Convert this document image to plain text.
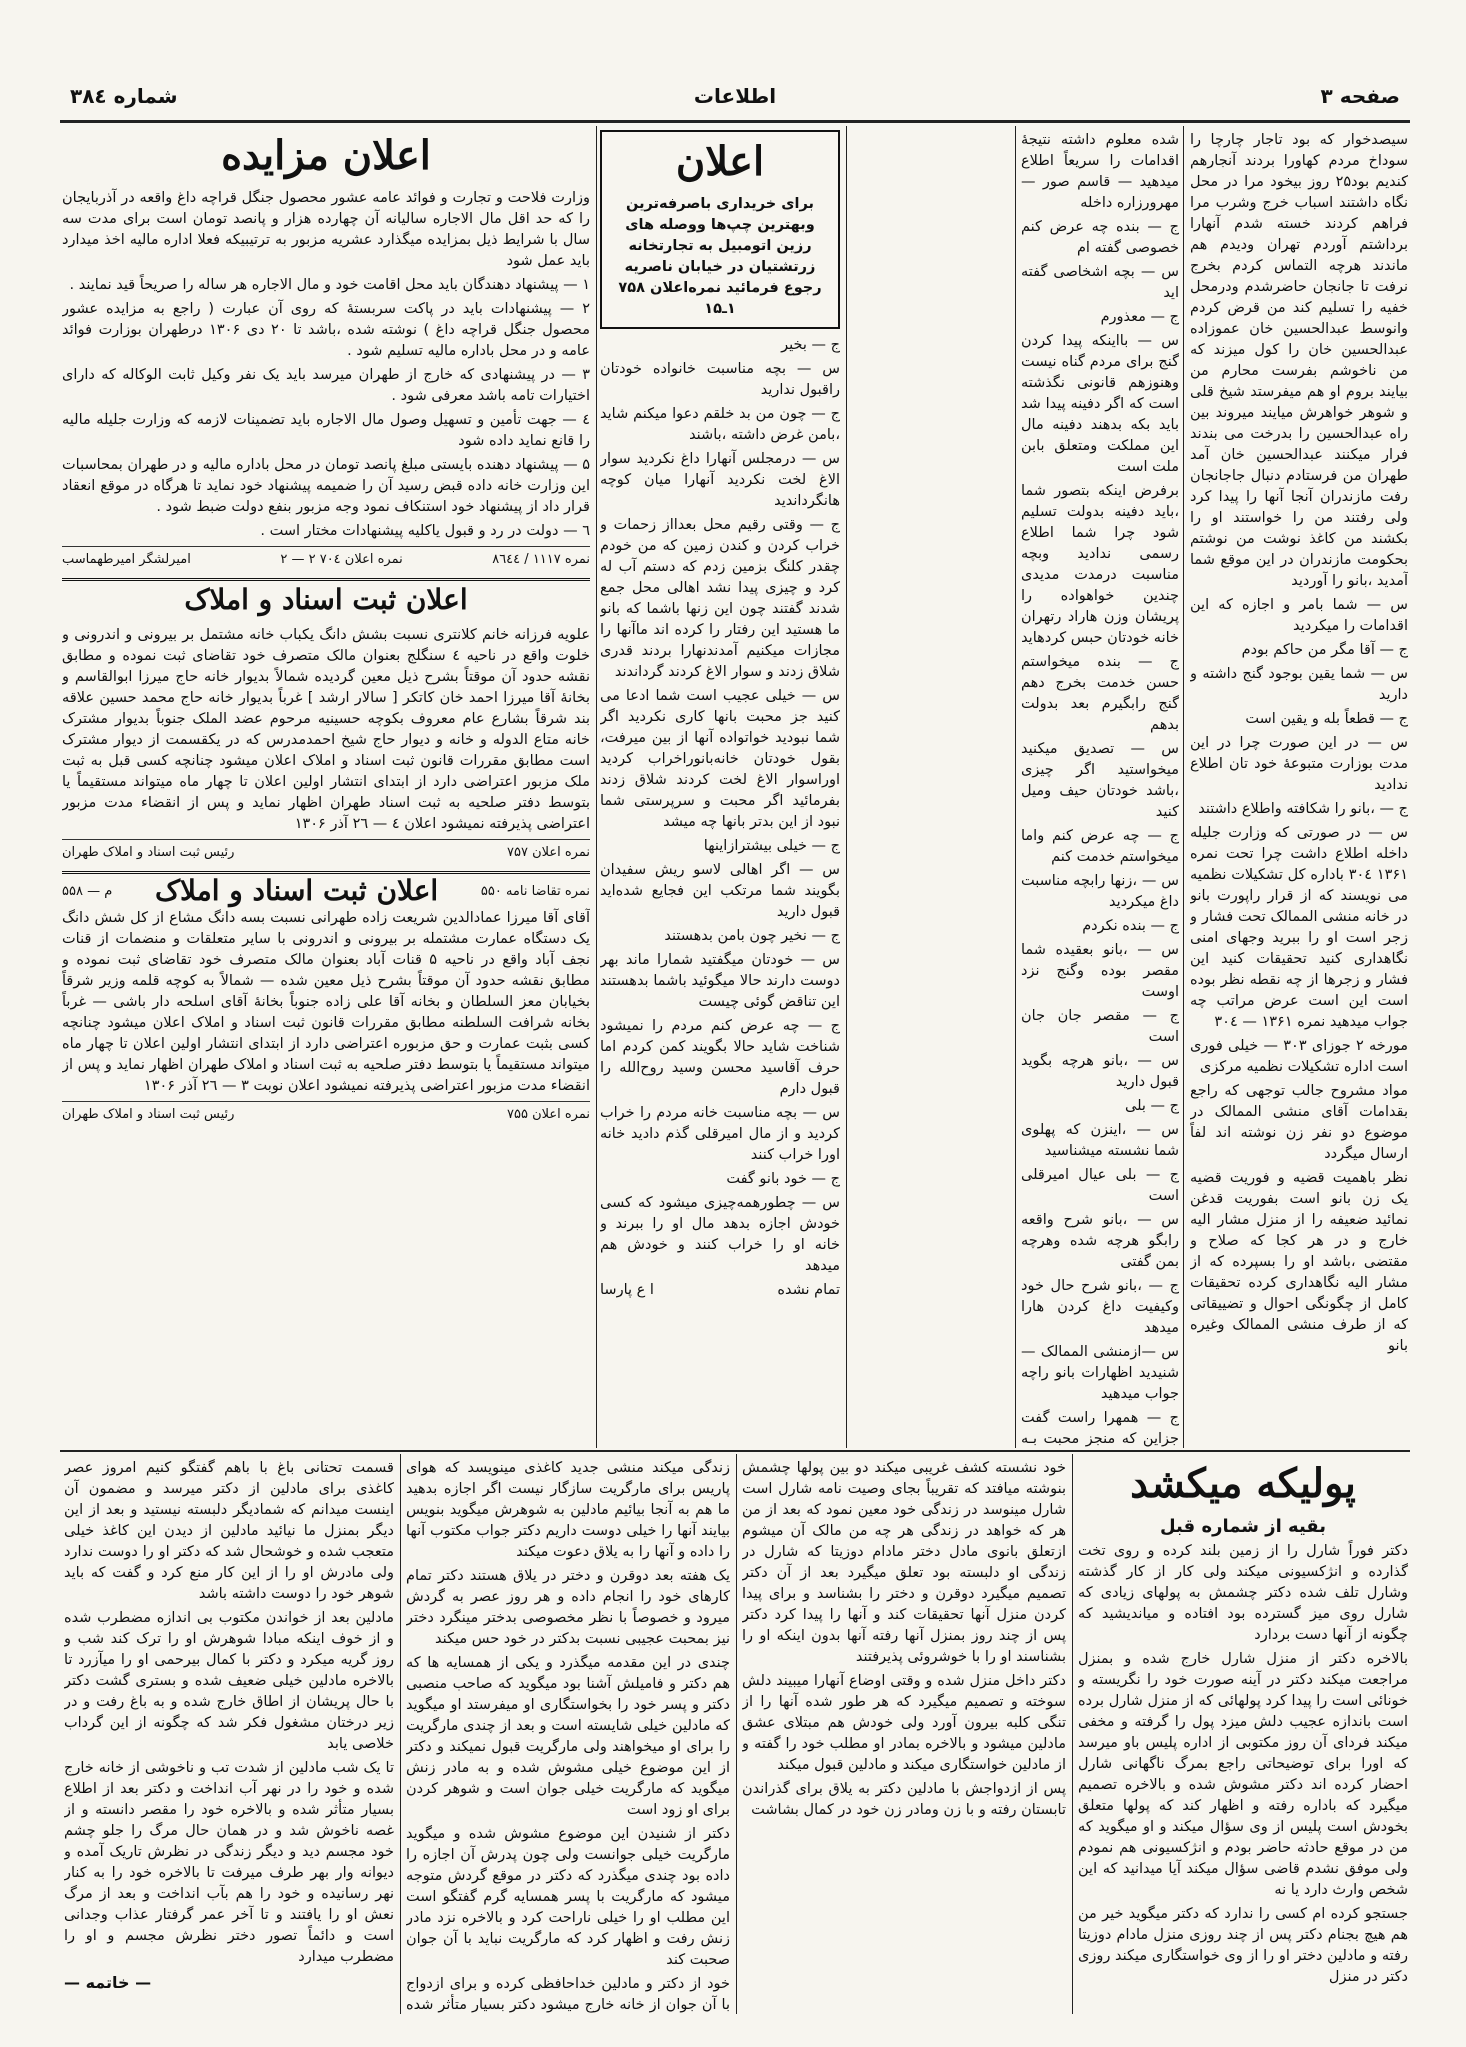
صفحه ۳
اطلاعات
شماره ۳۸٤

سیصدخوار که بود تاجار چارچا را سوداخ مردم کهاورا بردند آنجارهم کندیم بود۲۵ روز بیخود مرا در محل نگاه داشتند اسباب خرج وشرب مرا فراهم کردند خسته شدم آنهارا برداشتم آوردم تهران ودیدم هم ماندند هرچه التماس کردم بخرج نرفت تا جانجان حاضرشدم ودرمحل خفیه را تسلیم کند من قرض کردم وانوسط عبدالحسین خان عموزاده عبدالحسین خان را کول میزند که من ناخوشم بفرست محارم من بیایند بروم او هم میفرستد شیخ قلی و شوهر خواهرش میایند میروند بین راه عبدالحسین را بدرخت می بندند فرار میکنند عبدالحسین خان آمد طهران من فرستادم دنبال جاجانجان رفت مازندران آنجا آنها را پیدا کرد ولی رفتند من را خواستند او را بکشند من کاغذ نوشت من نوشتم بحکومت مازندران در این موقع شما آمدید ،بانو را آوردید

س — شما بامر و اجازه که این اقدامات را میکردید

ج — آقا مگر من حاکم بودم

س — شما یقین بوجود گنج داشته و دارید

ج — قطعاً بله و یقین است

س — در این صورت چرا در این مدت بوزارت متبوعهٔ خود تان اطلاع ندادید

ج — ،بانو را شکافته واطلاع داشتند

س — در صورتی که وزارت جلیله داخله اطلاع داشت چرا تحت نمره ۱۳۶۱ ۳۰٤ باداره کل تشکیلات نظمیه می نویسند که از قرار راپورت بانو در خانه منشی الممالک تحت فشار و زجر است او را ببرید وجهای امنی نگاهداری کنید تحقیقات کنید این فشار و زجرها از چه نقطه نظر بوده است این است عرض مراتب چه جواب میدهید نمره ۱۳۶۱ — ۳۰٤

مورخه ۲ جوزای ۳۰۳ — خیلی فوری است اداره تشکیلات نظمیه مرکزی

مواد مشروح جالب توجهی که راجع بقدامات آقای منشی الممالک در موضوع دو نفر زن نوشته اند لفاً ارسال میگردد

نظر باهمیت قضیه و فوریت قضیه یک زن بانو است بفوریت قدغن نمائید ضعیفه را از منزل مشار الیه خارج و در هر کجا که صلاح و مقتضی ،باشد او را بسپرده که از مشار الیه نگاهداری کرده تحقیقات کامل از چگونگی احوال و تضییقاتی که از طرف منشی الممالک وغیره بانو

شده معلوم داشته نتیجهٔ اقدامات را سریعاً اطلاع میدهید — قاسم صور — مهرورزاره داخله

ج — بنده چه عرض کنم خصوصی گفته ام

س — بچه اشخاصی گفته اید

ج — معذورم

س — بااینکه پیدا کردن گنج برای مردم گناه نیست وهنوزهم قانونی نگذشته است که اگر دفینه پیدا شد باید بکه بدهند دفینه مال این مملکت ومتعلق بابن ملت است

برفرض اینکه بتصور شما ،باید دفینه بدولت تسلیم شود چرا شما اطلاع رسمی ندادید وبچه مناسبت درمدت مدیدی چندین خواهواده را پریشان وزن هاراد رتهران خانه خودتان حبس کردهاید

ج — بنده میخواستم حسن خدمت بخرج دهم گنج رابگیرم بعد بدولت بدهم

س — تصدیق میکنید میخواستید اگر چیزی ،باشد خودتان حیف ومیل کنید

ج — چه عرض کنم واما میخواستم خدمت کنم

س — ،زنها رابچه مناسبت داغ میکردید

ج — بنده نکردم

س — ،بانو بعقیده شما مقصر بوده وگنج نزد اوست

ج — مقصر جان جان است

س — ،بانو هرچه بگوید قبول دارید

ج — بلی

س — ،اینزن که پهلوی شما نشسته میشناسید

ج — بلی عیال امیرقلی است

س — ،بانو شرح واقعه رابگو هرچه شده وهرچه بمن گفتی

ج — ،بانو شرح حال خود وکیفیت داغ کردن هارا میدهد

س —ازمنشی الممالک — شنیدید اظهارات بانو راچه جواب میدهید

ج — همهرا راست گفت جزاین که منجز محبت بـه

اعلان

برای خریداری باصرفه‌ترین وبهترین چپ‌ها ووصله های رزین اتومبیل به تجارتخانه زرتشتیان در خیابان ناصریه رجوع فرمائید نمره‌اعلان ۷۵۸ ۱ـ۱۵

ج — بخیر

س — بچه مناسبت خانواده خودتان راقبول ندارید

ج — چون من بد خلقم دعوا میکنم شاید ،بامن غرض داشته ،باشند

س — درمجلس آنهارا داغ نکردید سوار الاغ لخت نکردید آنهارا میان کوچه هانگرداندید

ج — وقتی رقیم محل بعدااز زحمات و خراب کردن و کندن زمین که من خودم چقدر کلنگ بزمین زدم که دستم آب له کرد و چیزی پیدا نشد اهالی محل جمع شدند گفتند چون این زنها باشما که بانو ما هستید این رفتار را کرده اند ماآنها را مجازات میکنیم آمدندنهارا بردند قدری شلاق زدند و سوار الاغ کردند گرداندند

س — خیلی عجیب است شما ادعا می کنید جز محبت بانها کاری نکردید اگر شما نبودید خواتواده آنها از بین میرفت، بقول خودتان خانه‌بانوراخراب کردید اوراسوار الاغ لخت کردند شلاق زدند بفرمائید اگر محبت و سرپرستی شما نبود از این بدتر بانها چه میشد

ج — خیلی بیشترازاینها

س — اگر اهالی لاسو ریش سفیدان بگویند شما مرتکب این فجایع شده‌اید قبول دارید

ج — نخیر چون بامن بدهستند

س — خودتان میگفتید شمارا ماند بهر دوست دارند حالا میگوئید باشما بدهستند این تناقض گوئی چیست

ج — چه عرض کنم مردم را نمیشود شناخت شاید حالا بگویند کمن کردم اما حرف آقاسید محسن وسید روح‌الله را قبول دارم

س — بچه مناسبت خانه مردم را خراب کردید و از مال امیرقلی گذم دادید خانه اورا خراب کنند

ج — خود بانو گفت

س — چطورهمه‌چیزی میشود که کسی خودش اجازه بدهد مال او را ببرند و خانه او را خراب کنند و خودش هم میدهد

تمام نشده
ا ع پارسا
اعلان مزایده

وزارت فلاحت و تجارت و فوائد عامه عشور محصول جنگل قراچه داغ واقعه در آذربایجان را که حد اقل مال الاجاره سالیانه آن چهارده هزار و پانصد تومان است برای مدت سه سال با شرایط ذیل بمزایده میگذارد عشریه مزبور به ترتیبیکه فعلا اداره مالیه اخذ میدارد باید عمل شود

۱ — پیشنهاد دهندگان باید محل اقامت خود و مال الاجاره هر ساله را صریحاً قید نمایند .

۲ — پیشنهادات باید در پاکت سربستهٔ که روی آن عبارت ( راجع به مزایده عشور محصول جنگل قراچه داغ ) نوشته شده ،باشد تا ۲۰ دی ۱۳۰۶ درطهران بوزارت فوائد عامه و در محل باداره مالیه تسلیم شود .

۳ — در پیشنهادی که خارج از طهران میرسد باید یک نفر وکیل ثابت الوکاله که دارای اختیارات تامه باشد معرفی شود .

٤ — جهت تأمین و تسهیل وصول مال الاجاره باید تضمینات لازمه که وزارت جلیله مالیه را قانع نماید داده شود

۵ — پیشنهاد دهنده بایستی مبلغ پانصد تومان در محل باداره مالیه و در طهران بمحاسبات این وزارت خانه داده قبض رسید آن را ضمیمه پیشنهاد خود نماید تا هرگاه در موقع انعقاد قرار داد از پیشنهاد خود استنکاف نمود وجه مزبور بنفع دولت ضبط شود .

٦ — دولت در رد و قبول یاکلیه پیشنهادات مختار است .

نمره ۱۱۱۷ / ۸٦٤٤
نمره اعلان ۷۰٤ ۲ — ۲
امیرلشگر امیرطهماسب
اعلان ثبت اسناد و املاک

علویه فرزانه خانم کلانتری نسبت بشش دانگ یکباب خانه مشتمل بر بیرونی و اندرونی و خلوت واقع در ناحیه ٤ سنگلج بعنوان مالک متصرف خود تقاضای ثبت نموده و مطابق نقشه حدود آن موقتاً بشرح ذیل معین گردیده شمالاً بدیوار خانه حاج میرزا ابوالقاسم و بخانهٔ آقا میرزا احمد خان کاتکر [ سالار ارشد ] غرباً بدیوار خانه حاج محمد حسین علاقه بند شرقاً بشارع عام معروف بکوچه حسینیه مرحوم عضد الملک جنوباً بدیوار مشترک خانه متاع الدوله و خانه و دیوار حاج شیخ احمدمدرس که در یکقسمت از دیوار مشترک است مطابق مقررات قانون ثبت اسناد و املاک اعلان میشود چنانچه کسی قبل به ثبت ملک مزبور اعتراضی دارد از ابتدای انتشار اولین اعلان تا چهار ماه میتواند مستقیماً یا بتوسط دفتر صلحیه به ثبت اسناد طهران اظهار نماید و پس از انقضاء مدت مزبور اعتراضی پذیرفته نمیشود اعلان ٤ — ۲٦ آذر ۱۳۰۶

نمره اعلان ۷۵۷
رئیس ثبت اسناد و املاک طهران
نمره تقاضا نامه ۵۵۰
اعلان ثبت اسناد و املاک
م — ۵۵۸

آقای آقا میرزا عمادالدین شریعت زاده طهرانی نسبت بسه دانگ مشاع از کل شش دانگ یک دستگاه عمارت مشتمله بر بیرونی و اندرونی با سایر متعلقات و منضمات از قنات نجف آباد واقع در ناحیه ۵ قنات آباد بعنوان مالک متصرف خود تقاضای ثبت نموده و مطابق نقشه حدود آن موقتاً بشرح ذیل معین شده — شمالاً به کوچه قلمه وزیر شرقاً بخیابان معز السلطان و بخانه آقا علی زاده جنوباً بخانهٔ آقای اسلحه دار باشی — غرباً بخانه شرافت السلطنه مطابق مقررات قانون ثبت اسناد و املاک اعلان میشود چنانچه کسی بثبت عمارت و حق مزبوره اعتراضی دارد از ابتدای انتشار اولین اعلان تا چهار ماه میتواند مستقیماً یا بتوسط دفتر صلحیه به ثبت اسناد و املاک طهران اظهار نماید و پس از انقضاء مدت مزبور اعتراضی پذیرفته نمیشود اعلان نوبت ۳ — ۲٦ آذر ۱۳۰۶

نمره اعلان ۷۵۵
رئیس ثبت اسناد و املاک طهران
پولیکه میکشد
بقیه از شماره قبل

دکتر فوراً شارل را از زمین بلند کرده و روی تخت گذارده و انژکسیونی میکند ولی کار از کار گذشته وشارل تلف شده دکتر چشمش به پولهای زیادی که شارل روی میز گسترده بود افتاده و میاندیشید که چگونه از آنها دست بردارد

بالاخره دکتر از منزل شارل خارج شده و بمنزل مراجعت میکند دکتر در آینه صورت خود را نگریسته و خونائی است را پیدا کرد پولهائی که از منزل شارل برده است باندازه عجیب دلش میزد پول را گرفته و مخفی میکند فردای آن روز مکتوبی از اداره پلیس باو میرسد که اورا برای توضیحاتی راجع بمرگ ناگهانی شارل احضار کرده اند دکتر مشوش شده و بالاخره تصمیم میگیرد که باداره رفته و اظهار کند که پولها متعلق بخودش است پلیس از وی سؤال میکند و او میگوید که من در موقع حادثه حاضر بودم و انژکسیونی هم نمودم ولی موفق نشدم قاضی سؤال میکند آیا میدانید که این شخص وارث دارد یا نه

جستجو کرده ام کسی را ندارد که دکتر میگوید خیر من هم هیچ بجنام دکتر پس از چند روزی منزل مادام دوزیتا رفته و مادلین دختر او را از وی خواستگاری میکند روزی دکتر در منزل

خود نشسته کشف غریبی میکند دو بین پولها چشمش بنوشته میافتد که تقریباً بجای وصیت نامه شارل است شارل مینوسد در زندگی خود معین نمود که بعد از من هر که خواهد در زندگی هر چه من مالک آن میشوم ازتعلق بانوی مادل دختر مادام دوزیتا که شارل در زندگی او دلبسته بود تعلق میگیرد بعد از آن دکتر تصمیم میگیرد دوقرن و دختر را بشناسد و برای پیدا کردن منزل آنها تحقیقات کند و آنها را پیدا کرد دکتر پس از چند روز بمنزل آنها رفته آنها بدون اینکه او را بشناسند او را با خوشروئی پذیرفتند

دکتر داخل منزل شده و وقتی اوضاع آنهارا میبیند دلش سوخته و تصمیم میگیرد که هر طور شده آنها را از تنگی کلبه بیرون آورد ولی خودش هم مبتلای عشق مادلین میشود و بالاخره بمادر او مطلب خود را گفته و از مادلین خواستگاری میکند و مادلین قبول میکند

پس از ازدواجش با مادلین دکتر به یلاق برای گذراندن تابستان رفته و با زن ومادر زن خود در کمال بشاشت

زندگی میکند منشی جدید کاغذی مینویسد که هوای پاریس برای مارگریت سازگار نیست اگر اجازه بدهید ما هم به آنجا بیائیم مادلین به شوهرش میگوید بنویس بیایند آنها را خیلی دوست داریم دکتر جواب مکتوب آنها را داده و آنها را به یلاق دعوت میکند

یک هفته بعد دوقرن و دختر در یلاق هستند دکتر تمام کارهای خود را انجام داده و هر روز عصر به گردش میرود و خصوصاً با نظر مخصوصی بدختر مینگرد دختر نیز بمحبت عجیبی نسبت بدکتر در خود حس میکند

چندی در این مقدمه میگذرد و یکی از همسایه ها که هم دکتر و فامیلش آشنا بود میگوید که صاحب منصبی دکتر و پسر خود را بخواستگاری او میفرستد او میگوید که مادلین خیلی شایسته است و بعد از چندی مارگریت را برای او میخواهند ولی مارگریت قبول نمیکند و دکتر از این موضوع خیلی مشوش شده و به مادر زنش میگوید که مارگریت خیلی جوان است و شوهر کردن برای او زود است

دکتر از شنیدن این موضوع مشوش شده و میگوید مارگریت خیلی جوانست ولی چون پدرش آن اجازه را داده بود چندی میگذرد که دکتر در موقع گردش متوجه میشود که مارگریت با پسر همسایه گرم گفتگو است این مطلب او را خیلی ناراحت کرد و بالاخره نزد مادر زنش رفت و اظهار کرد که مارگریت نباید با آن جوان صحبت کند

خود از دکتر و مادلین خداحافظی کرده و برای ازدواج با آن جوان از خانه خارج میشود دکتر بسیار متأثر شده

قسمت تحتانی باغ با باهم گفتگو کنیم امروز عصر کاغذی برای مادلین از دکتر میرسد و مضمون آن اینست میدانم که شمادیگر دلبسته نیستید و بعد از این دیگر بمنزل ما نیائید مادلین از دیدن این کاغذ خیلی متعجب شده و خوشحال شد که دکتر او را دوست ندارد ولی مادرش او را از این کار منع کرد و گفت که باید شوهر خود را دوست داشته باشد

مادلین بعد از خواندن مکتوب بی اندازه مضطرب شده و از خوف اینکه مبادا شوهرش او را ترک کند شب و روز گریه میکرد و دکتر با کمال بیرحمی او را میآزرد تا بالاخره مادلین خیلی ضعیف شده و بستری گشت دکتر با حال پریشان از اطاق خارج شده و به باغ رفت و در زیر درختان مشغول فکر شد که چگونه از این گرداب خلاصی یابد

تا یک شب مادلین از شدت تب و ناخوشی از خانه خارج شده و خود را در نهر آب انداخت و دکتر بعد از اطلاع بسیار متأثر شده و بالاخره خود را مقصر دانسته و از غصه ناخوش شد و در همان حال مرگ را جلو چشم خود مجسم دید و دیگر زندگی در نظرش تاریک آمده و دیوانه وار بهر طرف میرفت تا بالاخره خود را به کنار نهر رسانیده و خود را هم بآب انداخت و بعد از مرگ نعش او را یافتند و تا آخر عمر گرفتار عذاب وجدانی است و دائماً تصور دختر نظرش مجسم و او را مضطرب میدارد

— خاتمه —
